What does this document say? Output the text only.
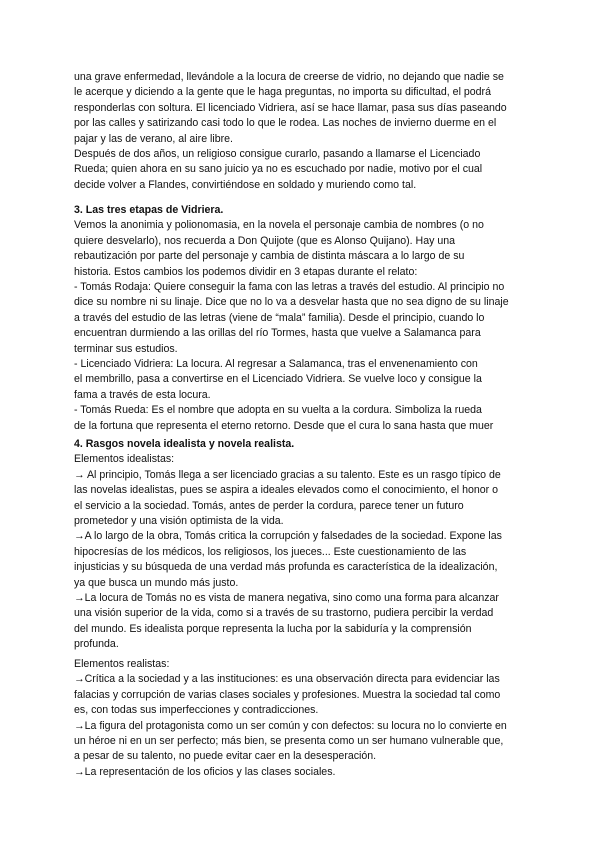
una grave enfermedad, llevándole a la locura de creerse de vidrio, no dejando que nadie se
le acerque y diciendo a la gente que le haga preguntas, no importa su dificultad, el podrá
responderlas con soltura. El licenciado Vidriera, así se hace llamar, pasa sus días paseando
por las calles y satirizando casi todo lo que le rodea. Las noches de invierno duerme en el
pajar y las de verano, al aire libre.
Después de dos años, un religioso consigue curarlo, pasando a llamarse el Licenciado
Rueda; quien ahora en su sano juicio ya no es escuchado por nadie, motivo por el cual
decide volver a Flandes, convirtiéndose en soldado y muriendo como tal.
3. Las tres etapas de Vidriera.
Vemos la anonimia y polionomasia, en la novela el personaje cambia de nombres (o no
quiere desvelarlo), nos recuerda a Don Quijote (que es Alonso Quijano). Hay una
rebautización por parte del personaje y cambia de distinta máscara a lo largo de su
historia. Estos cambios los podemos dividir en 3 etapas durante el relato:
- Tomás Rodaja: Quiere conseguir la fama con las letras a través del estudio. Al principio no
dice su nombre ni su linaje. Dice que no lo va a desvelar hasta que no sea digno de su linaje
a través del estudio de las letras (viene de “mala” familia). Desde el principio, cuando lo
encuentran durmiendo a las orillas del río Tormes, hasta que vuelve a Salamanca para
terminar sus estudios.
- Licenciado Vidriera: La locura. Al regresar a Salamanca, tras el envenenamiento con
el membrillo, pasa a convertirse en el Licenciado Vidriera. Se vuelve loco y consigue la
fama a través de esta locura.
- Tomás Rueda: Es el nombre que adopta en su vuelta a la cordura. Simboliza la rueda
de la fortuna que representa el eterno retorno. Desde que el cura lo sana hasta que muer
4. Rasgos novela idealista y novela realista.
Elementos idealistas:
→ Al principio, Tomás llega a ser licenciado gracias a su talento. Este es un rasgo típico de
las novelas idealistas, pues se aspira a ideales elevados como el conocimiento, el honor o
el servicio a la sociedad. Tomás, antes de perder la cordura, parece tener un futuro
prometedor y una visión optimista de la vida.
→A lo largo de la obra, Tomás critica la corrupción y falsedades de la sociedad. Expone las
hipocresías de los médicos, los religiosos, los jueces... Este cuestionamiento de las
injusticias y su búsqueda de una verdad más profunda es característica de la idealización,
ya que busca un mundo más justo.
→La locura de Tomás no es vista de manera negativa, sino como una forma para alcanzar
una visión superior de la vida, como si a través de su trastorno, pudiera percibir la verdad
del mundo. Es idealista porque representa la lucha por la sabiduría y la comprensión
profunda.
Elementos realistas:
→Crítica a la sociedad y a las instituciones: es una observación directa para evidenciar las
falacias y corrupción de varias clases sociales y profesiones. Muestra la sociedad tal como
es, con todas sus imperfecciones y contradicciones.
→La figura del protagonista como un ser común y con defectos: su locura no lo convierte en
un héroe ni en un ser perfecto; más bien, se presenta como un ser humano vulnerable que,
a pesar de su talento, no puede evitar caer en la desesperación.
→La representación de los oficios y las clases sociales.
